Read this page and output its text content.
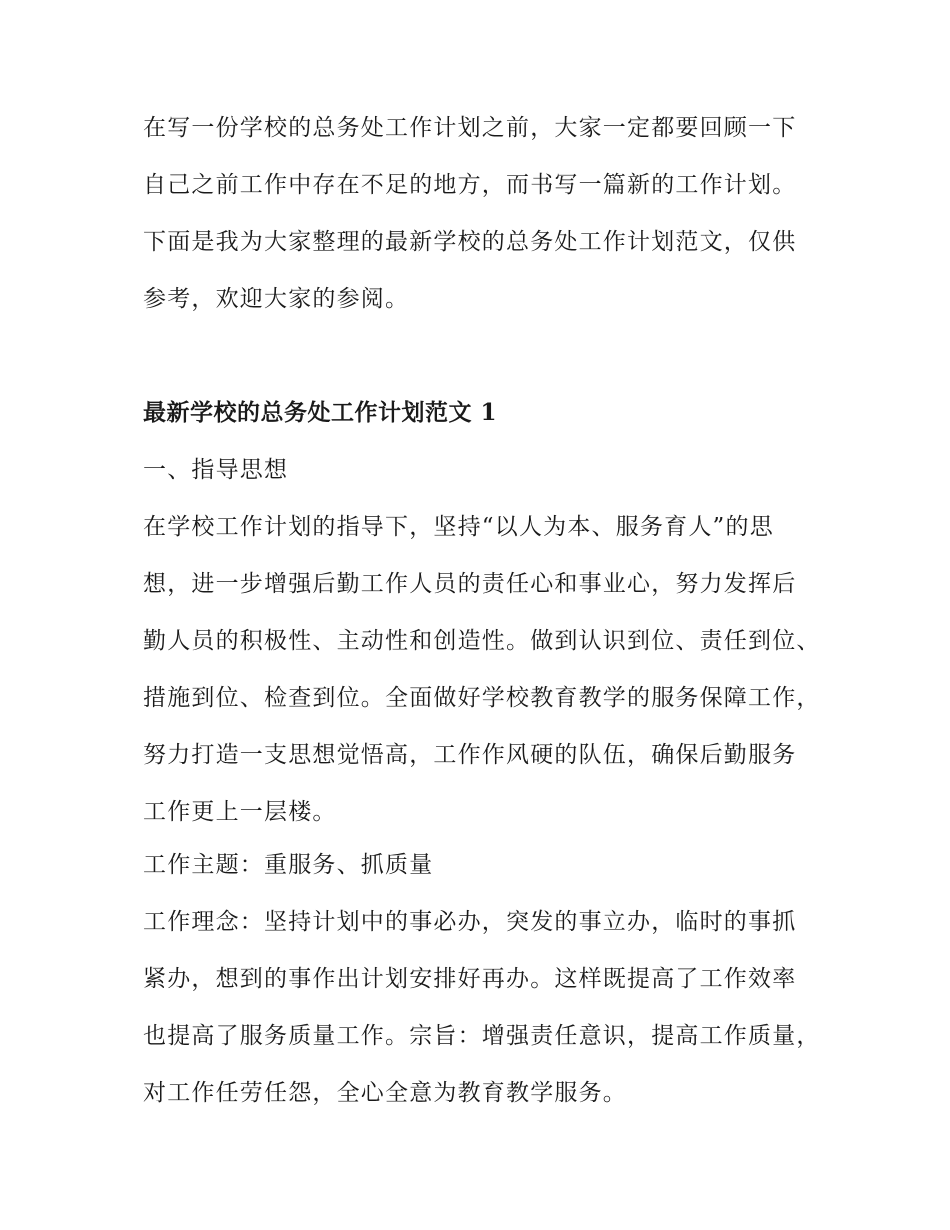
在写一份学校的总务处工作计划之前，大家一定都要回顾一下

自己之前工作中存在不足的地方，而书写一篇新的工作计划。

下面是我为大家整理的最新学校的总务处工作计划范文，仅供

参考，欢迎大家的参阅。

最新学校的总务处工作计划范文 1

一、指导思想

在学校工作计划的指导下，坚持“以人为本、服务育人”的思

想，进一步增强后勤工作人员的责任心和事业心，努力发挥后

勤人员的积极性、主动性和创造性。做到认识到位、责任到位、

措施到位、检查到位。全面做好学校教育教学的服务保障工作，

努力打造一支思想觉悟高，工作作风硬的队伍，确保后勤服务

工作更上一层楼。

工作主题：重服务、抓质量

工作理念：坚持计划中的事必办，突发的事立办，临时的事抓

紧办，想到的事作出计划安排好再办。这样既提高了工作效率

也提高了服务质量工作。宗旨：增强责任意识，提高工作质量，

对工作任劳任怨，全心全意为教育教学服务。
